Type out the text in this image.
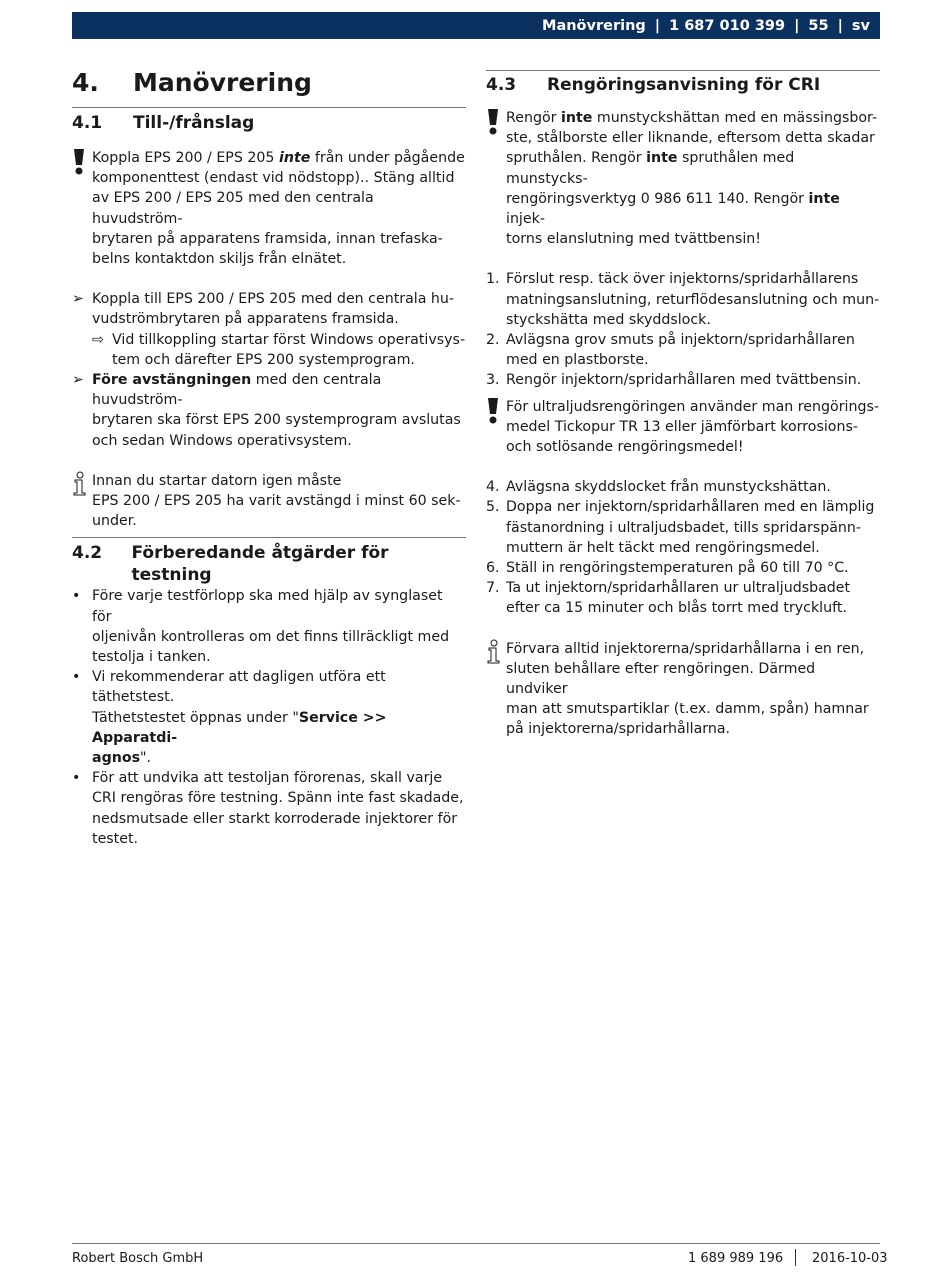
Manövrering | 1 687 010 399 | 55 | sv
4.	Manövrering
4.1	Till-/frånslag

Koppla EPS 200 / EPS 205 inte från under pågående

komponenttest (endast vid nödstopp).. Stäng alltid

av EPS 200 / EPS 205 med den centrala huvudström-

brytaren på apparatens framsida, innan trefaska-

belns kontaktdon skiljs från elnätet.

➢ Koppla till EPS 200 / EPS 205 med den centrala hu-

vudströmbrytaren på apparatens framsida.

⇨ Vid tillkoppling startar först Windows operativsys-

tem och därefter EPS 200 systemprogram.

➢ Före avstängningen med den centrala huvudström-

brytaren ska först EPS 200 systemprogram avslutas

och sedan Windows operativsystem.

Innan du startar datorn igen måste

EPS 200 / EPS 205 ha varit avstängd i minst 60 sek-

under.

4.2	Förberedande åtgärder för testning
• Före varje testförlopp ska med hjälp av synglaset för

oljenivån kontrolleras om det finns tillräckligt med

testolja i tanken.

• Vi rekommenderar att dagligen utföra ett täthetstest.

Täthetstestet öppnas under "Service >> Apparatdi-

agnos".

• För att undvika att testoljan förorenas, skall varje

CRI rengöras före testning. Spänn inte fast skadade,

nedsmutsade eller starkt korroderade injektorer för

testet.

4.3	Rengöringsanvisning för CRI

Rengör inte munstyckshättan med en mässingsbor-

ste, stålborste eller liknande, eftersom detta skadar

spruthålen. Rengör inte spruthålen med munstycks-

rengöringsverktyg 0 986 611 140. Rengör inte injek-

torns elanslutning med tvättbensin!

1. Förslut resp. täck över injektorns/spridarhållarens

matningsanslutning, returflödesanslutning och mun-

styckshätta med skyddslock.

2. Avlägsna grov smuts på injektorn/spridarhållaren

med en plastborste.

3. Rengör injektorn/spridarhållaren med tvättbensin.

För ultraljudsrengöringen använder man rengörings-

medel Tickopur TR 13 eller jämförbart korrosions-

och sotlösande rengöringsmedel!

4. Avlägsna skyddslocket från munstyckshättan.

5. Doppa ner injektorn/spridarhållaren med en lämplig

fästanordning i ultraljudsbadet, tills spridarspänn-

muttern är helt täckt med rengöringsmedel.

6. Ställ in rengöringstemperaturen på 60 till 70 °C.

7. Ta ut injektorn/spridarhållaren ur ultraljudsbadet

efter ca 15 minuter och blås torrt med tryckluft.

Förvara alltid injektorerna/spridarhållarna i en ren,

sluten behållare efter rengöringen. Därmed undviker

man att smutspartiklar (t.ex. damm, spån) hamnar

på injektorerna/spridarhållarna.

Robert Bosch GmbH	1 689 989 196 2016-10-03
